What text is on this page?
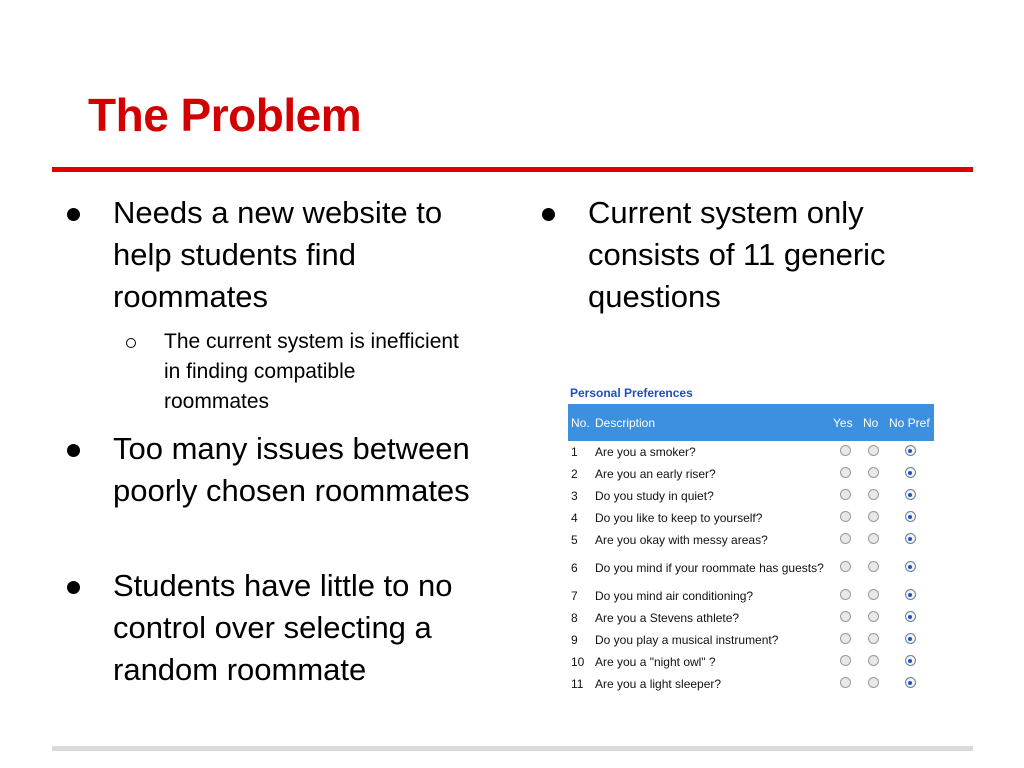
The Problem
Needs a new website to help students find roommates
The current system is inefficient in finding compatible roommates
Too many issues between poorly chosen roommates
Students have little to no control over selecting a random roommate
Current system only consists of 11 generic questions
Personal Preferences
No.	Description	Yes	No	No Pref
1	Are you a smoker?			
2	Are you an early riser?			
3	Do you study in quiet?			
4	Do you like to keep to yourself?			
5	Are you okay with messy areas?			
6	Do you mind if your roommate has guests?			
7	Do you mind air conditioning?			
8	Are you a Stevens athlete?			
9	Do you play a musical instrument?			
10	Are you a "night owl" ?			
11	Are you a light sleeper?			
